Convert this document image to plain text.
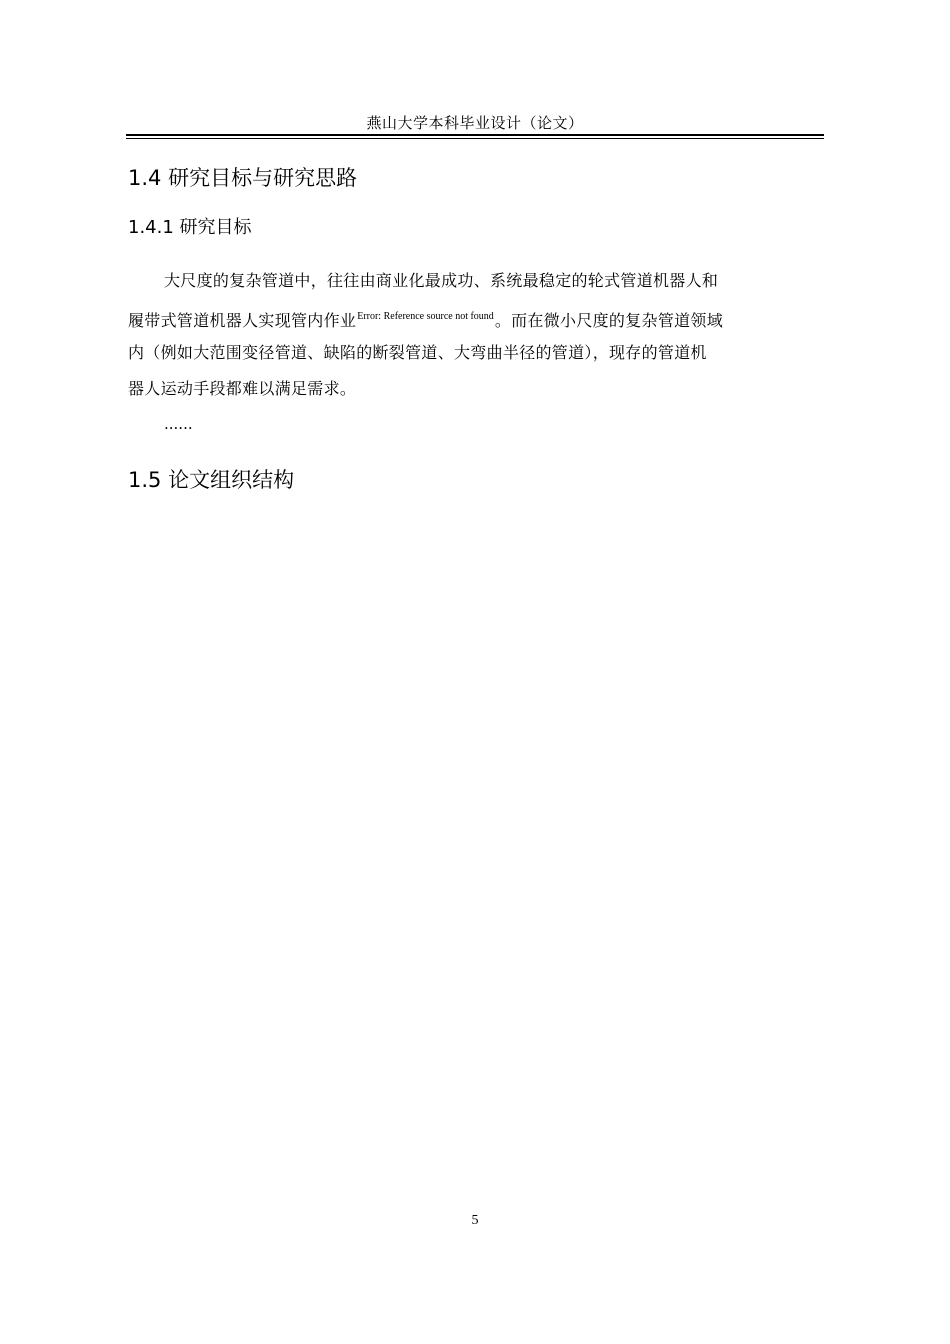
燕山大学本科毕业设计（论文）
1.4 研究目标与研究思路
1.4.1 研究目标
大尺度的复杂管道中，往往由商业化最成功、系统最稳定的轮式管道机器人和
履带式管道机器人实现管内作业$^{Error: Reference source not found}$。而在微小尺度的复杂管道领域
内（例如大范围变径管道、缺陷的断裂管道、大弯曲半径的管道），现存的管道机
器人运动手段都难以满足需求。
......
1.5 论文组织结构
5
